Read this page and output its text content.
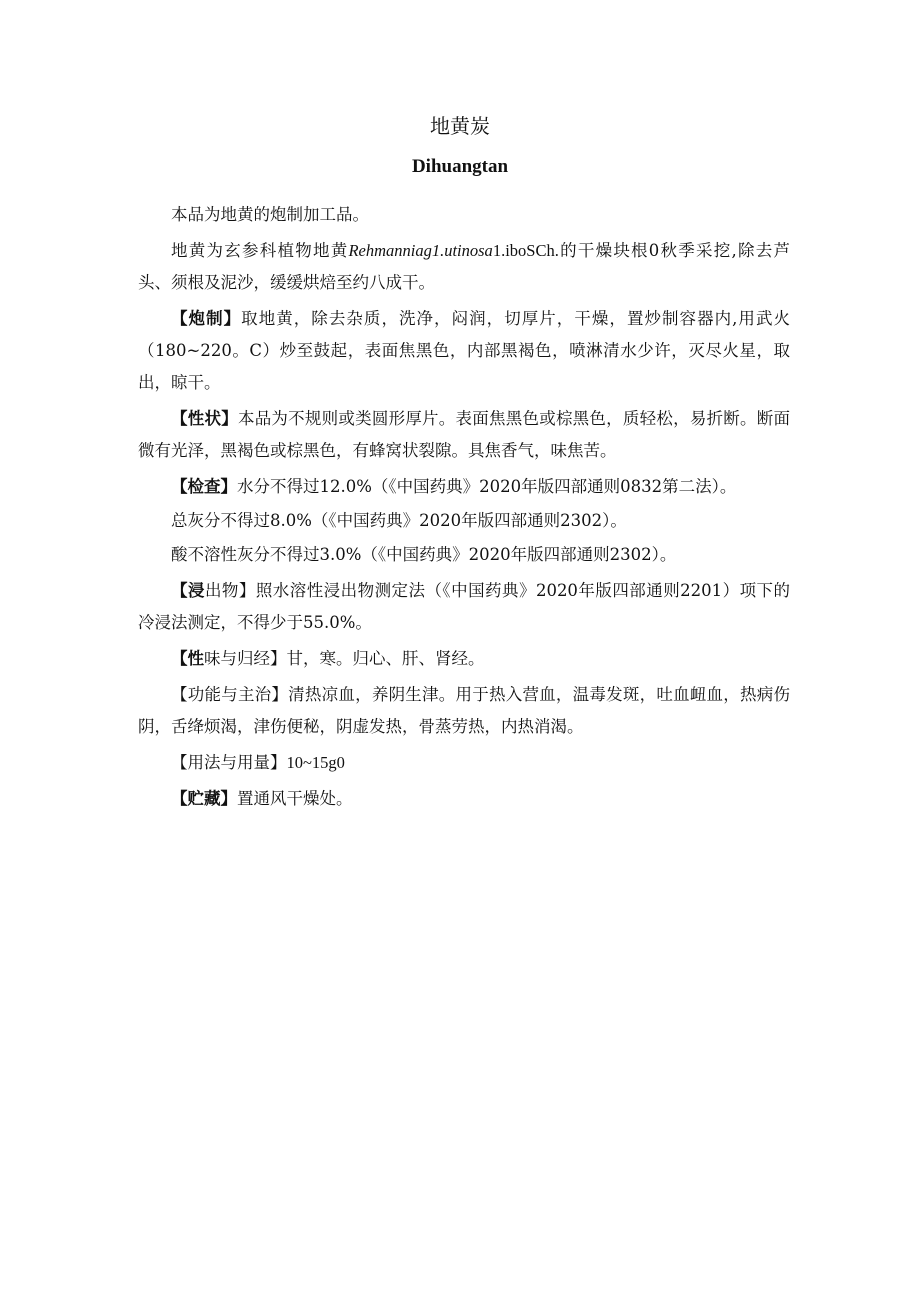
地黄炭
Dihuangtan

本品为地黄的炮制加工品。

地黄为玄参科植物地黄Rehmanniag1.utinosa1.iboSCh.的干燥块根0秋季采挖,除去芦头、须根及泥沙，缓缓烘焙至约八成干。

【炮制】取地黄，除去杂质，洗净，闷润，切厚片，干燥，置炒制容器内,用武火（180~220。C）炒至鼓起，表面焦黑色，内部黑褐色，喷淋清水少许，灭尽火星，取出，晾干。

【性状】本品为不规则或类圆形厚片。表面焦黑色或棕黑色，质轻松，易折断。断面微有光泽，黑褐色或棕黑色，有蜂窝状裂隙。具焦香气，味焦苦。

【检查】水分不得过12.0%（《中国药典》2020年版四部通则0832第二法）。

总灰分不得过8.0%（《中国药典》2020年版四部通则2302）。

酸不溶性灰分不得过3.0%（《中国药典》2020年版四部通则2302）。

【浸出物】照水溶性浸出物测定法（《中国药典》2020年版四部通则2201）项下的冷浸法测定，不得少于55.0%。

【性味与归经】甘，寒。归心、肝、肾经。

【功能与主治】清热凉血，养阴生津。用于热入营血，温毒发斑，吐血衄血，热病伤阴，舌绛烦渴，津伤便秘，阴虚发热，骨蒸劳热，内热消渴。

【用法与用量】10~15g0

【贮藏】置通风干燥处。
